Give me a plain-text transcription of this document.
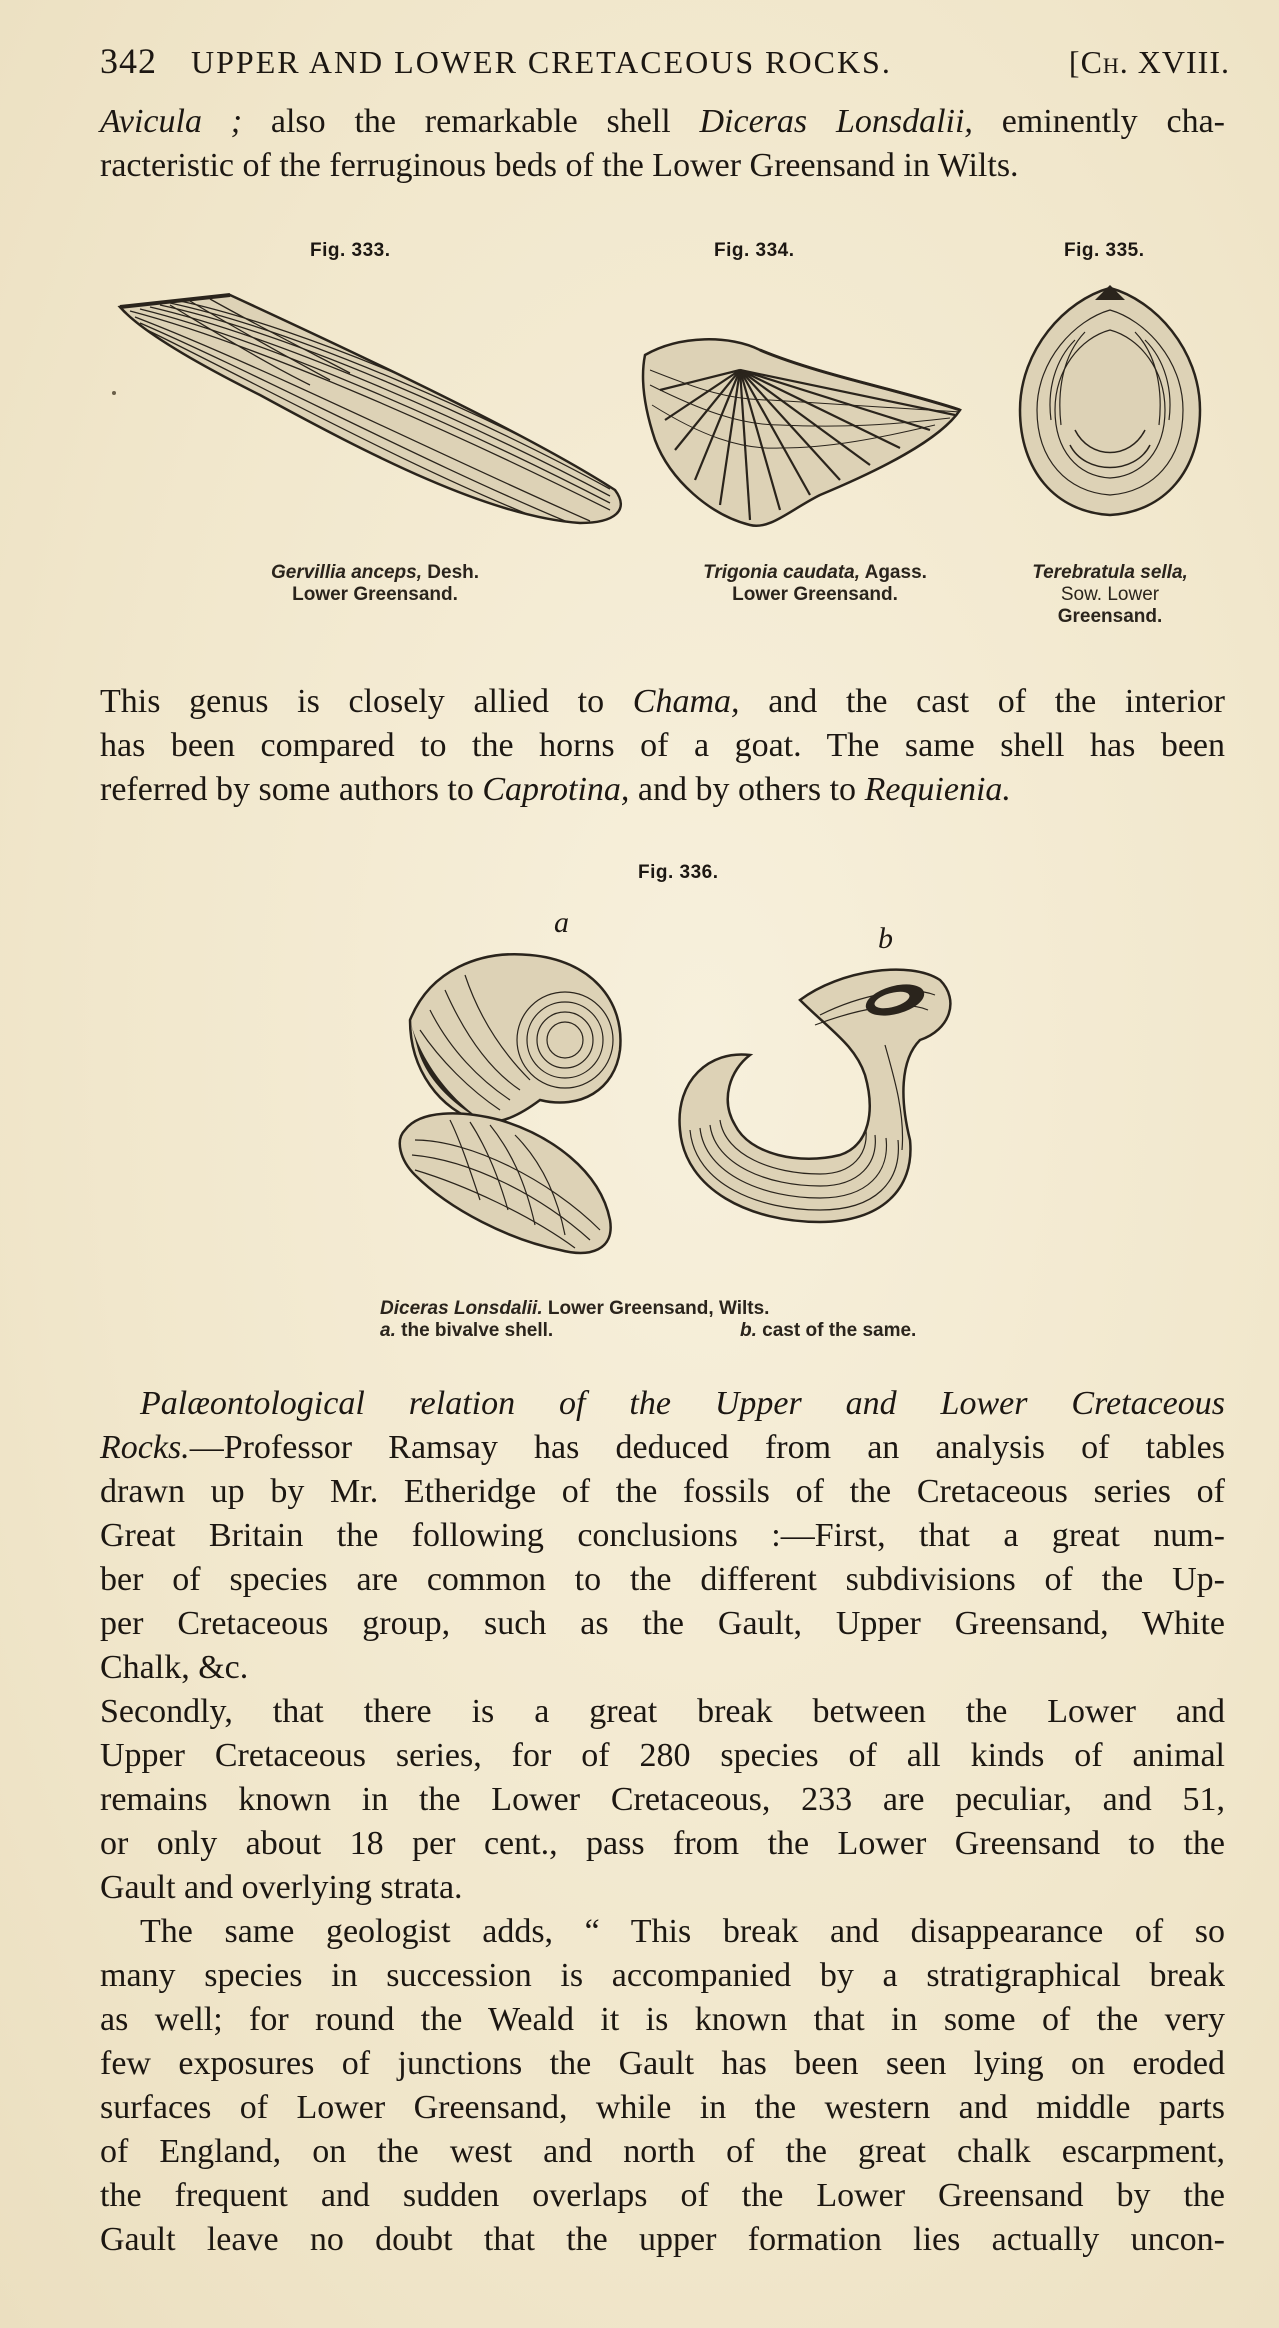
342 UPPER AND LOWER CRETACEOUS ROCKS.	[Ch. XVIII.
Avicula ; also the remarkable shell Diceras Lonsdalii, eminently cha-
racteristic of the ferruginous beds of the Lower Greensand in Wilts.
Fig. 333.	Fig. 334.	Fig. 335.
Gervillia anceps, Desh.
Lower Greensand.
Trigonia caudata, Agass.
Lower Greensand.
Terebratula sella,
Sow. Lower
Greensand.
This genus is closely allied to Chama, and the cast of the interior
has been compared to the horns of a goat. The same shell has been
referred by some authors to Caprotina, and by others to Requienia.
Fig. 336.
a	b
Diceras Lonsdalii. Lower Greensand, Wilts.
a. the bivalve shell.	b. cast of the same.
Palæontological relation of the Upper and Lower Cretaceous
Rocks.—Professor Ramsay has deduced from an analysis of tables
drawn up by Mr. Etheridge of the fossils of the Cretaceous series of
Great Britain the following conclusions :—First, that a great num-
ber of species are common to the different subdivisions of the Up-
per Cretaceous group, such as the Gault, Upper Greensand, White
Chalk, &c.
Secondly, that there is a great break between the Lower and
Upper Cretaceous series, for of 280 species of all kinds of animal
remains known in the Lower Cretaceous, 233 are peculiar, and 51,
or only about 18 per cent., pass from the Lower Greensand to the
Gault and overlying strata.
The same geologist adds, “ This break and disappearance of so
many species in succession is accompanied by a stratigraphical break
as well; for round the Weald it is known that in some of the very
few exposures of junctions the Gault has been seen lying on eroded
surfaces of Lower Greensand, while in the western and middle parts
of England, on the west and north of the great chalk escarpment,
the frequent and sudden overlaps of the Lower Greensand by the
Gault leave no doubt that the upper formation lies actually uncon-
